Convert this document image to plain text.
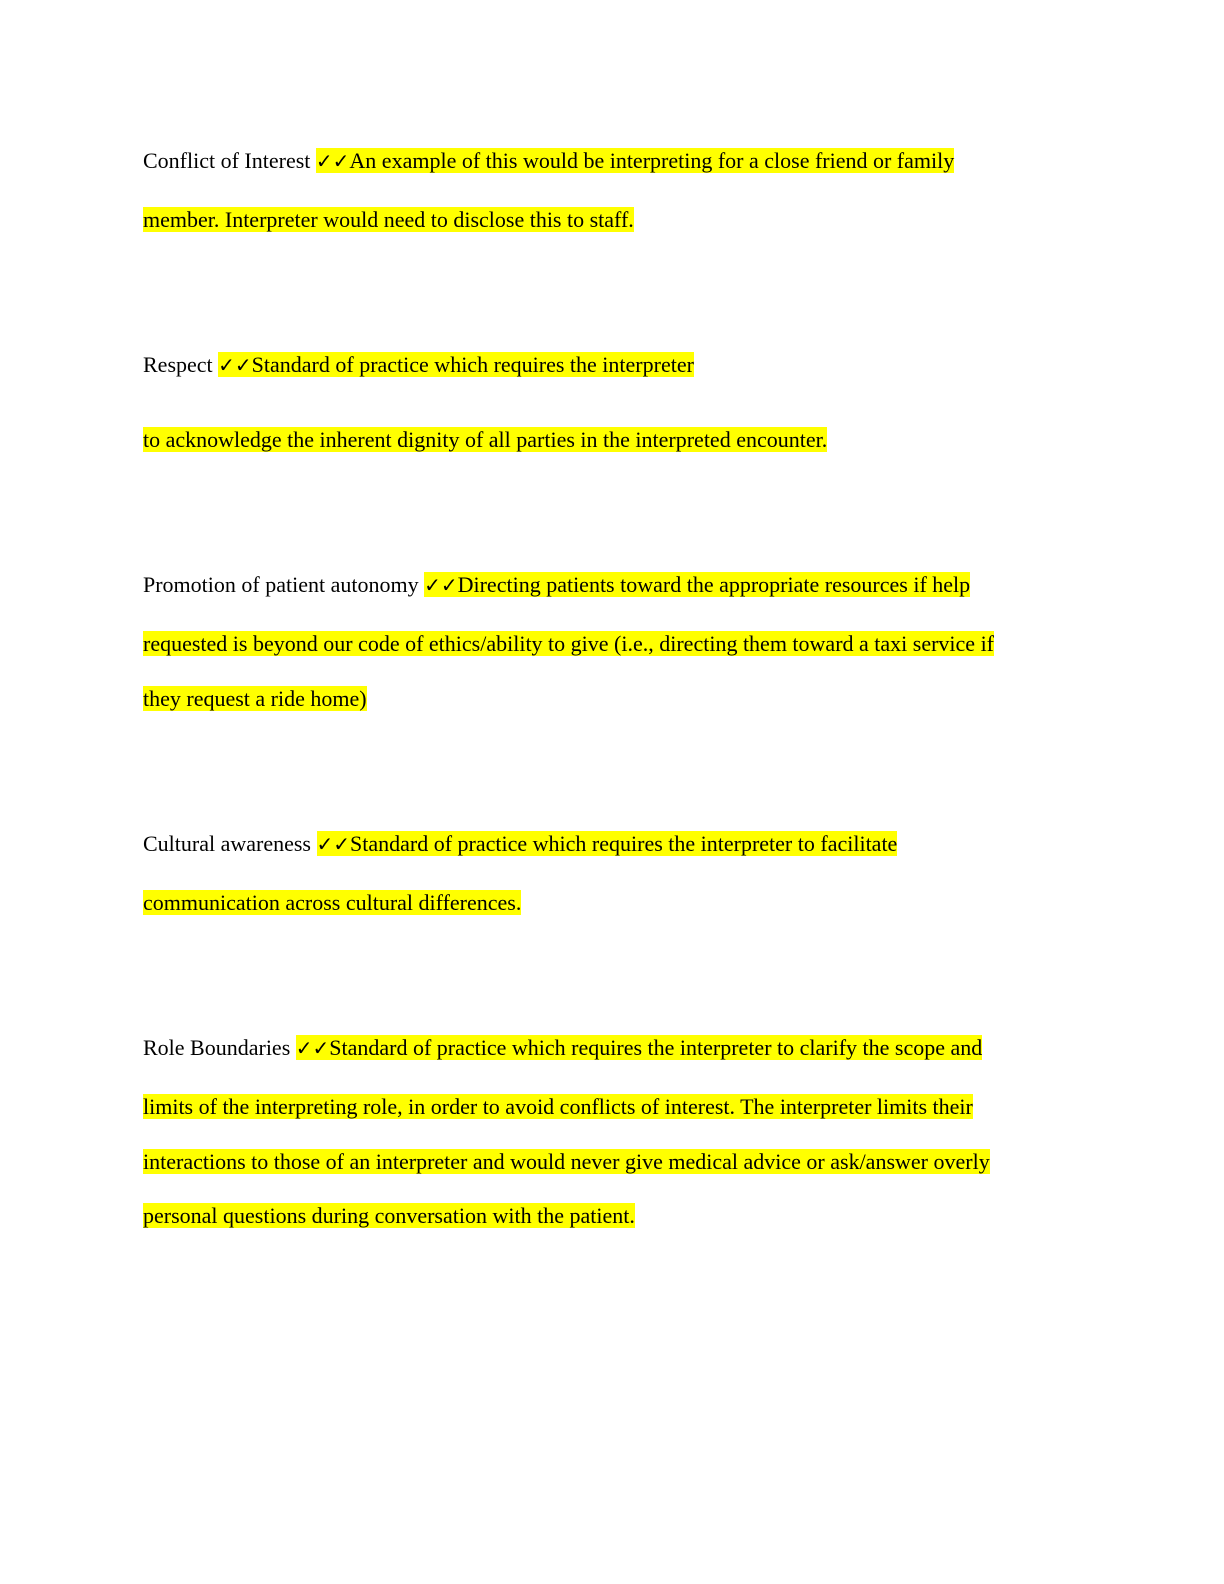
Conflict of Interest ✓✓An example of this would be interpreting for a close friend or family
member. Interpreter would need to disclose this to staff.
Respect ✓✓Standard of practice which requires the interpreter
to acknowledge the inherent dignity of all parties in the interpreted encounter.
Promotion of patient autonomy ✓✓Directing patients toward the appropriate resources if help
requested is beyond our code of ethics/ability to give (i.e., directing them toward a taxi service if
they request a ride home)
Cultural awareness ✓✓Standard of practice which requires the interpreter to facilitate
communication across cultural differences.
Role Boundaries ✓✓Standard of practice which requires the interpreter to clarify the scope and
limits of the interpreting role, in order to avoid conflicts of interest. The interpreter limits their
interactions to those of an interpreter and would never give medical advice or ask/answer overly
personal questions during conversation with the patient.
